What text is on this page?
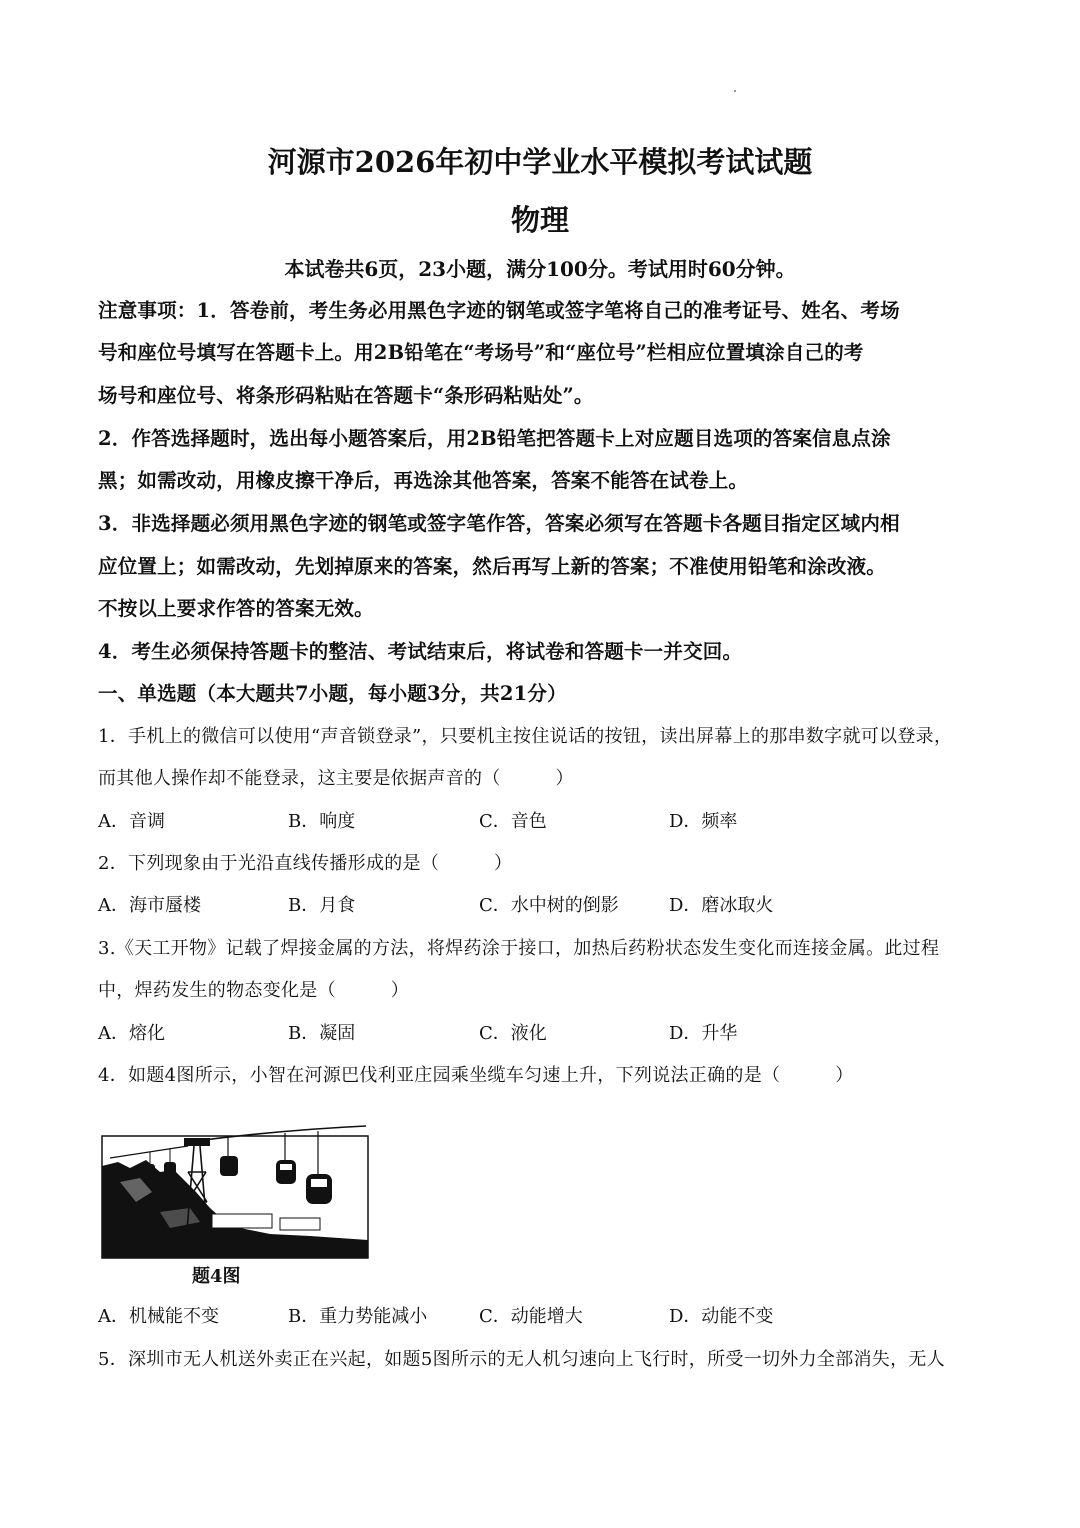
河源市2026年初中学业水平模拟考试试题
物理
本试卷共6页，23小题，满分100分。考试用时60分钟。
注意事项：1．答卷前，考生务必用黑色字迹的钢笔或签字笔将自己的准考证号、姓名、考场
号和座位号填写在答题卡上。用2B铅笔在“考场号”和“座位号”栏相应位置填涂自己的考
场号和座位号、将条形码粘贴在答题卡“条形码粘贴处”。
2．作答选择题时，选出每小题答案后，用2B铅笔把答题卡上对应题目选项的答案信息点涂
黑；如需改动，用橡皮擦干净后，再选涂其他答案，答案不能答在试卷上。
3．非选择题必须用黑色字迹的钢笔或签字笔作答，答案必须写在答题卡各题目指定区域内相
应位置上；如需改动，先划掉原来的答案，然后再写上新的答案；不准使用铅笔和涂改液。
不按以上要求作答的答案无效。
4．考生必须保持答题卡的整洁、考试结束后，将试卷和答题卡一并交回。
一、单选题（本大题共7小题，每小题3分，共21分）
1．手机上的微信可以使用“声音锁登录”，只要机主按住说话的按钮，读出屏幕上的那串数字就可以登录，
而其他人操作却不能登录，这主要是依据声音的（　　　）
A．音调	B．响度	C．音色	D．频率
2．下列现象由于光沿直线传播形成的是（　　　）
A．海市蜃楼	B．月食	C．水中树的倒影	D．磨冰取火
3.《天工开物》记载了焊接金属的方法，将焊药涂于接口，加热后药粉状态发生变化而连接金属。此过程
中，焊药发生的物态变化是（　　　）
A．熔化	B．凝固	C．液化	D．升华
4．如题4图所示，小智在河源巴伐利亚庄园乘坐缆车匀速上升，下列说法正确的是（　　　）
题4图
A．机械能不变	B．重力势能减小	C．动能增大	D．动能不变
5．深圳市无人机送外卖正在兴起，如题5图所示的无人机匀速向上飞行时，所受一切外力全部消失，无人
